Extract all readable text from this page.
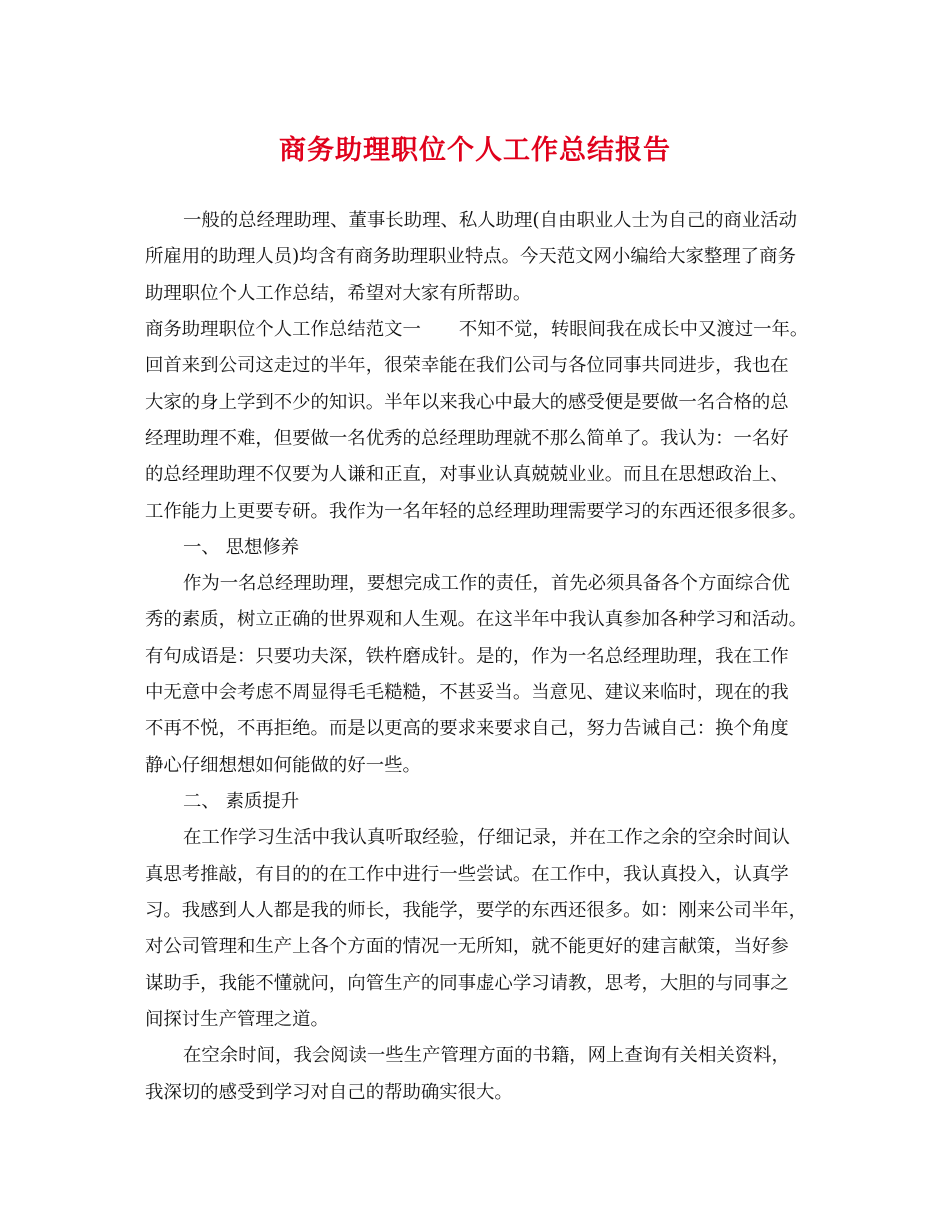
商务助理职位个人工作总结报告

一般的总经理助理、董事长助理、私人助理(自由职业人士为自己的商业活动

所雇用的助理人员)均含有商务助理职业特点。今天范文网小编给大家整理了商务

助理职位个人工作总结，希望对大家有所帮助。

商务助理职位个人工作总结范文一 不知不觉，转眼间我在成长中又渡过一年。

回首来到公司这走过的半年，很荣幸能在我们公司与各位同事共同进步，我也在

大家的身上学到不少的知识。半年以来我心中最大的感受便是要做一名合格的总

经理助理不难，但要做一名优秀的总经理助理就不那么简单了。我认为：一名好

的总经理助理不仅要为人谦和正直，对事业认真兢兢业业。而且在思想政治上、

工作能力上更要专研。我作为一名年轻的总经理助理需要学习的东西还很多很多。

一、 思想修养

作为一名总经理助理，要想完成工作的责任，首先必须具备各个方面综合优

秀的素质，树立正确的世界观和人生观。在这半年中我认真参加各种学习和活动。

有句成语是：只要功夫深，铁杵磨成针。是的，作为一名总经理助理，我在工作

中无意中会考虑不周显得毛毛糙糙，不甚妥当。当意见、建议来临时，现在的我

不再不悦，不再拒绝。而是以更高的要求来要求自己，努力告诫自己：换个角度

静心仔细想想如何能做的好一些。

二、 素质提升

在工作学习生活中我认真听取经验，仔细记录，并在工作之余的空余时间认

真思考推敲，有目的的在工作中进行一些尝试。在工作中，我认真投入，认真学

习。我感到人人都是我的师长，我能学，要学的东西还很多。如：刚来公司半年，

对公司管理和生产上各个方面的情况一无所知，就不能更好的建言献策，当好参

谋助手，我能不懂就问，向管生产的同事虚心学习请教，思考，大胆的与同事之

间探讨生产管理之道。

在空余时间，我会阅读一些生产管理方面的书籍，网上查询有关相关资料，

我深切的感受到学习对自己的帮助确实很大。
